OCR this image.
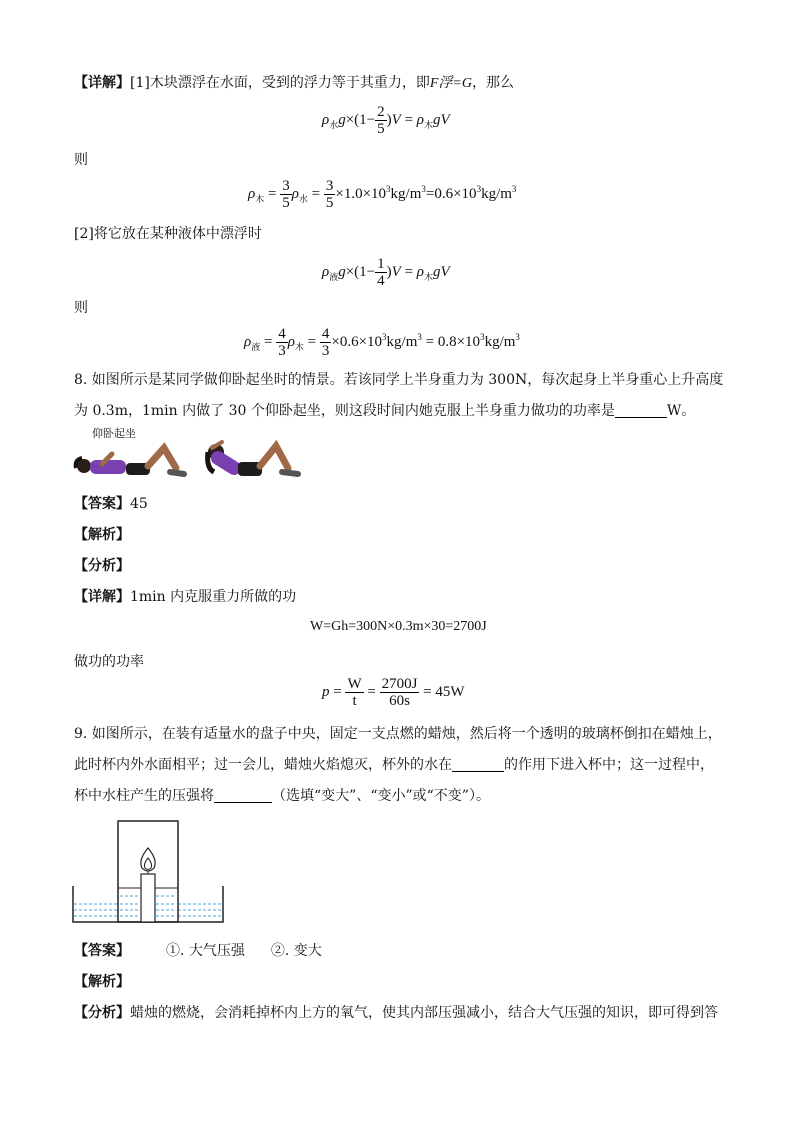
【详解】[1]木块漂浮在水面，受到的浮力等于其重力，即F浮=G，那么
$\rho_水g\times(1- \frac{2}{5} )V = \rho_木gV$
则
$\rho_木 = \frac{3}{5} \rho_水 = \frac{3}{5} \times 1.0\times 10^3kg/m^3=0.6\times 10^3kg/m^3$
[2]将它放在某种液体中漂浮时
$\rho_液g\times(1- \frac{1}{4} )V = \rho_木gV$
则
$\rho_液 = \frac{4}{3} \rho_木 = \frac{4}{3} \times 0.6\times 10^3kg/m^3 = 0.8\times 10^3kg/m^3$
8. 如图所示是某同学做仰卧起坐时的情景。若该同学上半身重力为 300N，每次起身上半身重心上升高度
为 0.3m，1min 内做了 30 个仰卧起坐，则这段时间内她克服上半身重力做功的功率是	W。
仰卧起坐
【答案】45
【解析】
【分析】
【详解】1min 内克服重力所做的功
W=Gh=300N×0.3m×30=2700J
做功的功率
$p = \frac{W}{t} = \frac{2700J}{60s} = 45W$
9. 如图所示，在装有适量水的盘子中央，固定一支点燃的蜡烛，然后将一个透明的玻璃杯倒扣在蜡烛上，
此时杯内外水面相平；过一会儿，蜡烛火焰熄灭，杯外的水在	的作用下进入杯中；这一过程中，
杯中水柱产生的压强将	（选填“变大”、“变小”或“不变”）。
【答案】	①. 大气压强 ②. 变大
【解析】
【分析】蜡烛的燃烧，会消耗掉杯内上方的氧气，使其内部压强减小，结合大气压强的知识，即可得到答
